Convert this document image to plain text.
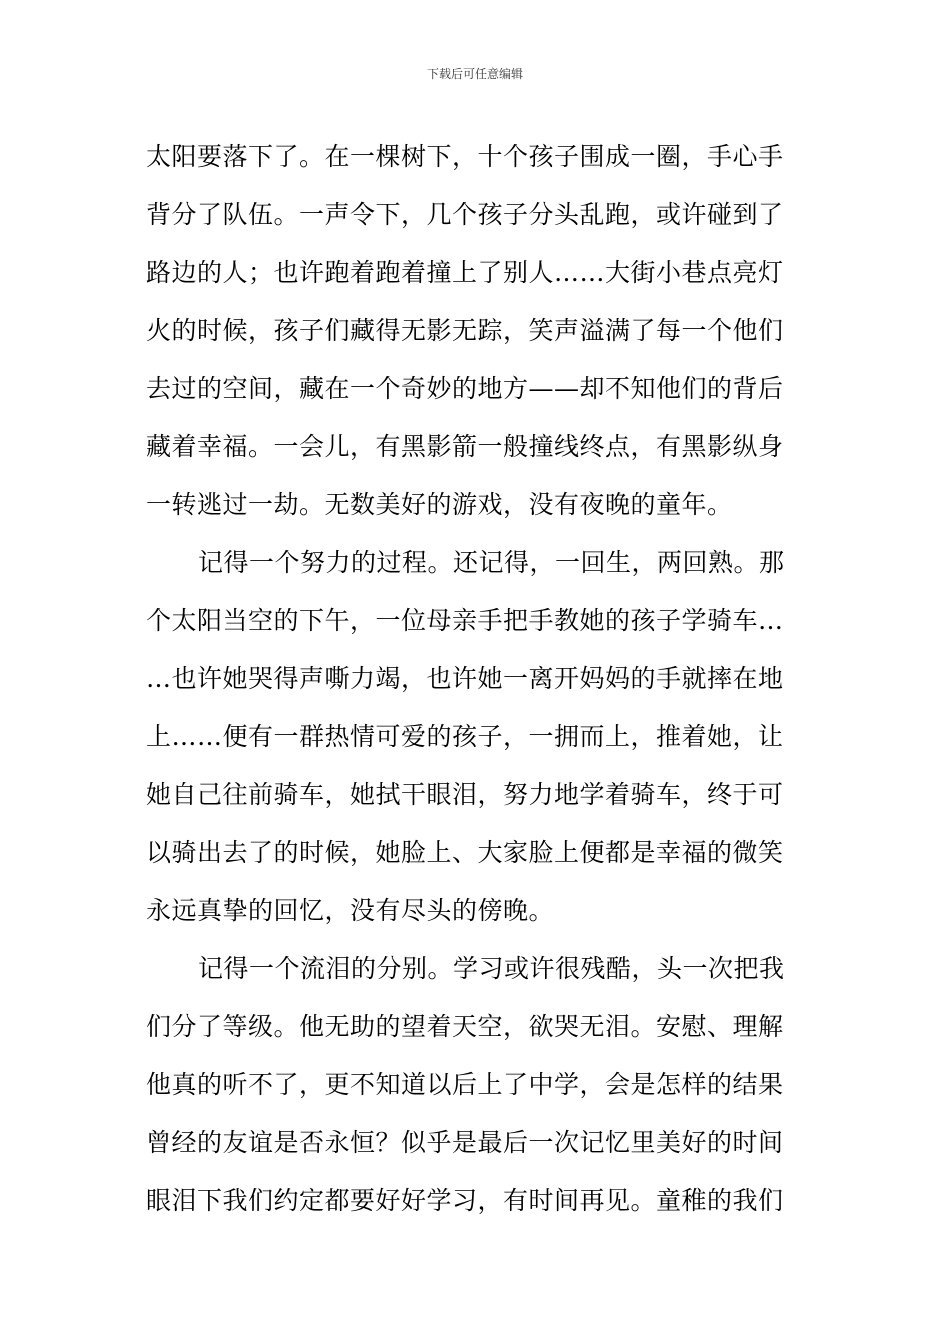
下载后可任意编辑
太阳要落下了。在一棵树下，十个孩子围成一圈，手心手
背分了队伍。一声令下，几个孩子分头乱跑，或许碰到了
路边的人；也许跑着跑着撞上了别人……大街小巷点亮灯
火的时候，孩子们藏得无影无踪，笑声溢满了每一个他们
去过的空间，藏在一个奇妙的地方——却不知他们的背后
藏着幸福。一会儿，有黑影箭一般撞线终点，有黑影纵身
一转逃过一劫。无数美好的游戏，没有夜晚的童年。
记得一个努力的过程。还记得，一回生，两回熟。那
个太阳当空的下午，一位母亲手把手教她的孩子学骑车…
…也许她哭得声嘶力竭，也许她一离开妈妈的手就摔在地
上……便有一群热情可爱的孩子，一拥而上，推着她，让
她自己往前骑车，她拭干眼泪，努力地学着骑车，终于可
以骑出去了的时候，她脸上、大家脸上便都是幸福的微笑
永远真挚的回忆，没有尽头的傍晚。
记得一个流泪的分别。学习或许很残酷，头一次把我
们分了等级。他无助的望着天空，欲哭无泪。安慰、理解
他真的听不了，更不知道以后上了中学，会是怎样的结果
曾经的友谊是否永恒？似乎是最后一次记忆里美好的时间
眼泪下我们约定都要好好学习，有时间再见。童稚的我们
